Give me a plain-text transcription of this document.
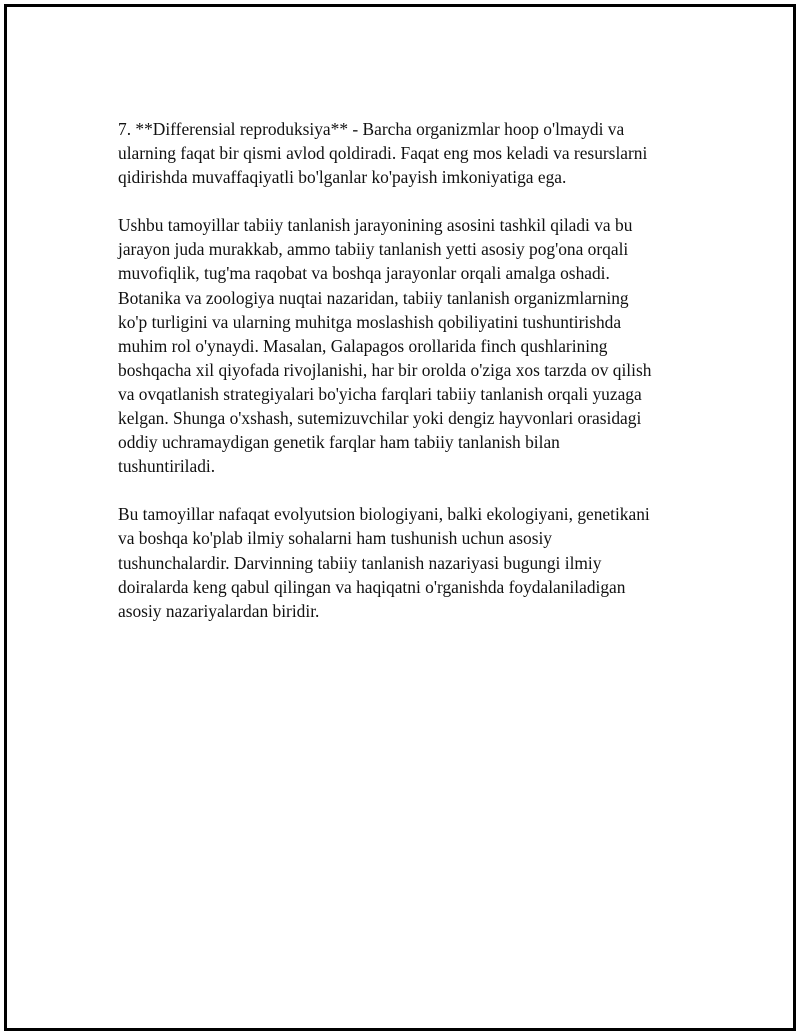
7. **Differensial reproduksiya** - Barcha organizmlar hoop o'lmaydi va
ularning faqat bir qismi avlod qoldiradi. Faqat eng mos keladi va resurslarni
qidirishda muvaffaqiyatli bo'lganlar ko'payish imkoniyatiga ega.

Ushbu tamoyillar tabiiy tanlanish jarayonining asosini tashkil qiladi va bu
jarayon juda murakkab, ammo tabiiy tanlanish yetti asosiy pog'ona orqali
muvofiqlik, tug'ma raqobat va boshqa jarayonlar orqali amalga oshadi.
Botanika va zoologiya nuqtai nazaridan, tabiiy tanlanish organizmlarning
ko'p turligini va ularning muhitga moslashish qobiliyatini tushuntirishda
muhim rol o'ynaydi. Masalan, Galapagos orollarida finch qushlarining
boshqacha xil qiyofada rivojlanishi, har bir orolda o'ziga xos tarzda ov qilish
va ovqatlanish strategiyalari bo'yicha farqlari tabiiy tanlanish orqali yuzaga
kelgan. Shunga o'xshash, sutemizuvchilar yoki dengiz hayvonlari orasidagi
oddiy uchramaydigan genetik farqlar ham tabiiy tanlanish bilan
tushuntiriladi.

Bu tamoyillar nafaqat evolyutsion biologiyani, balki ekologiyani, genetikani
va boshqa ko'plab ilmiy sohalarni ham tushunish uchun asosiy
tushunchalardir. Darvinning tabiiy tanlanish nazariyasi bugungi ilmiy
doiralarda keng qabul qilingan va haqiqatni o'rganishda foydalaniladigan
asosiy nazariyalardan biridir.
